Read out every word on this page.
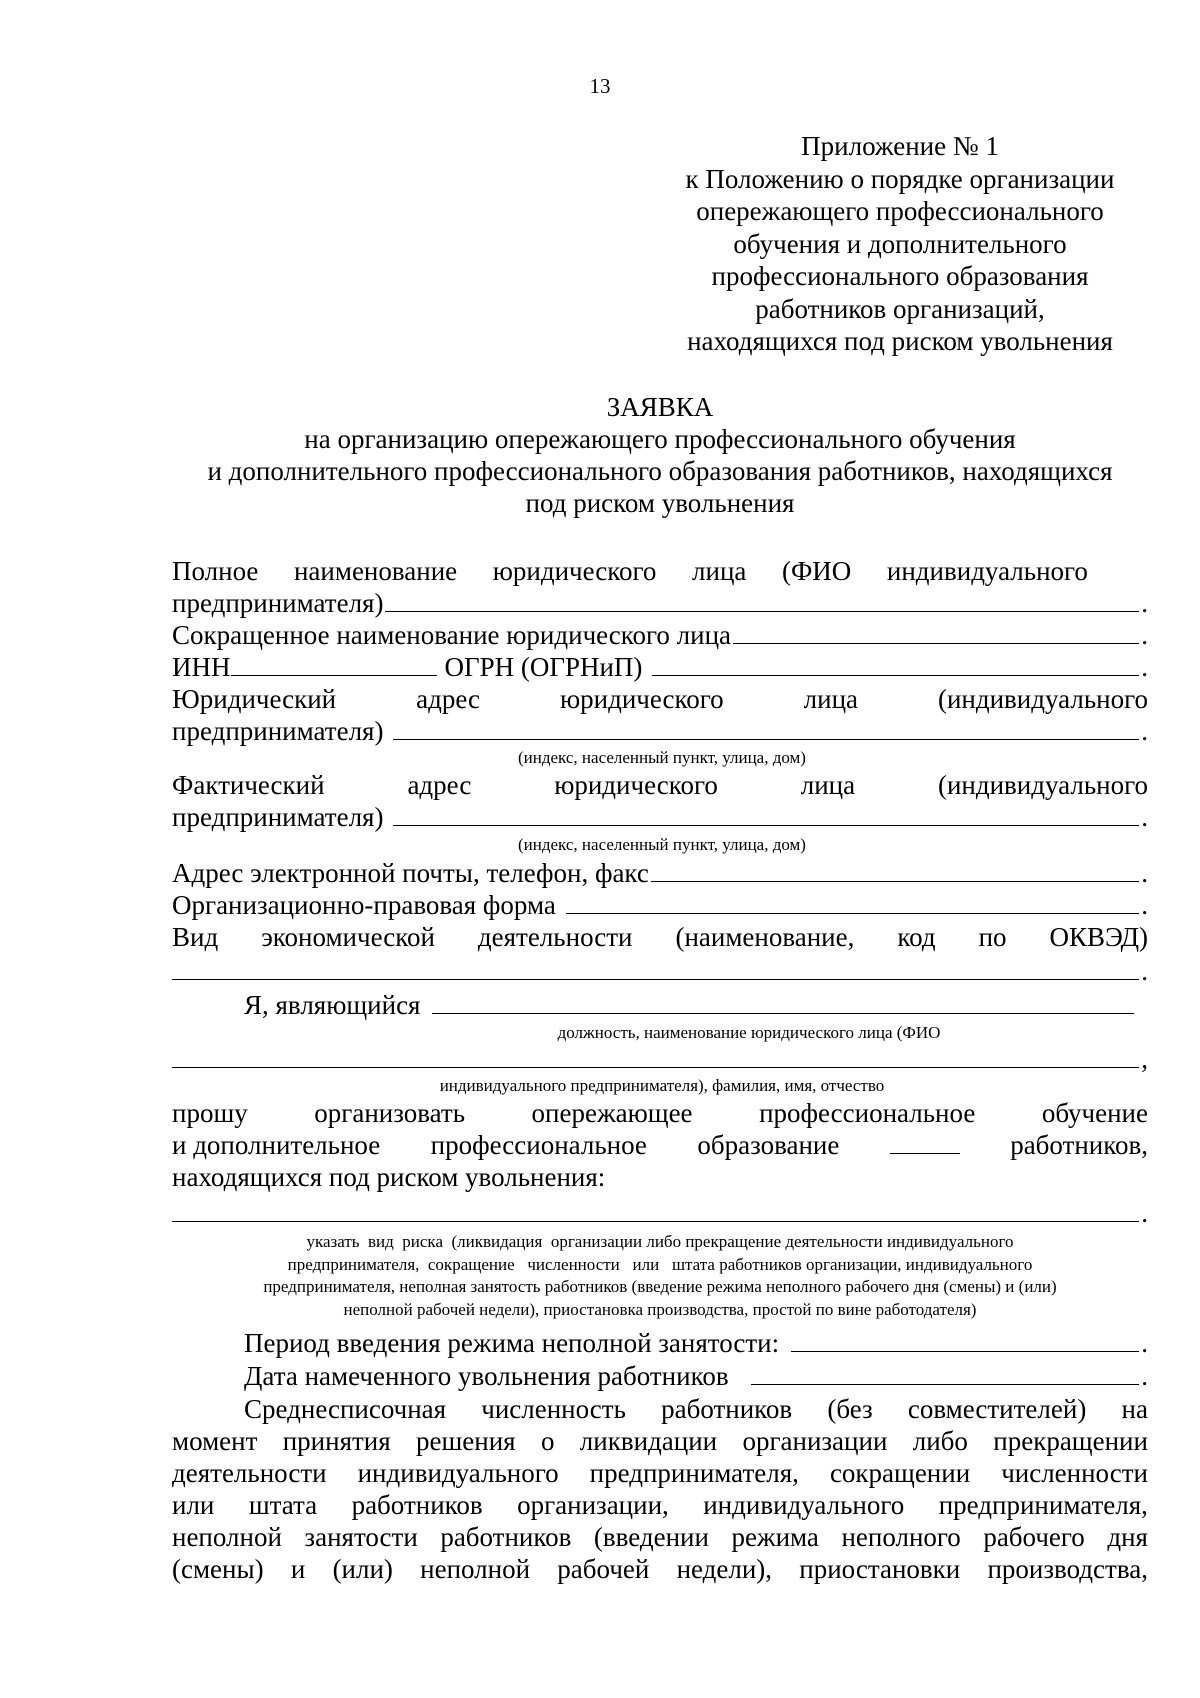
13
Приложение № 1
к Положению о порядке организации
опережающего профессионального
обучения и дополнительного
профессионального образования
работников организаций,
находящихся под риском увольнения
ЗАЯВКА
на организацию опережающего профессионального обучения
и дополнительного профессионального образования работников, находящихся
под риском увольнения
Полное наименование юридического лица (ФИО индивидуального
предпринимателя)	.
Сокращенное наименование юридического лица	.
ИНН	ОГРН (ОГРНиП)	.
Юридический	адрес	юридического	лица	(индивидуального
предпринимателя)	.
(индекс, населенный пункт, улица, дом)
Фактический	адрес	юридического	лица	(индивидуального
предпринимателя)	.
(индекс, населенный пункт, улица, дом)
Адрес электронной почты, телефон, факс	.
Организационно-правовая форма	.
Вид экономической деятельности (наименование, код по ОКВЭД)
.
Я, являющийся
должность, наименование юридического лица (ФИО
,
индивидуального предпринимателя), фамилия, имя, отчество
прошу организовать опережающее профессиональное обучение
и дополнительное профессиональное образование	работников,
находящихся под риском увольнения:
.
указать  вид  риска  (ликвидация  организации либо прекращение деятельности индивидуального
предпринимателя,  сокращение   численности   или   штата работников организации, индивидуального
предпринимателя, неполная занятость работников (введение режима неполного рабочего дня (смены) и (или)
неполной рабочей недели), приостановка производства, простой по вине работодателя)
Период введения режима неполной занятости:	.
Дата намеченного увольнения работников	.
Среднесписочная численность работников (без совместителей) на
момент принятия решения о ликвидации организации либо прекращении
деятельности индивидуального предпринимателя, сокращении численности
или штата работников организации, индивидуального предпринимателя,
неполной занятости работников (введении режима неполного рабочего дня
(смены) и (или) неполной рабочей недели), приостановки производства,
